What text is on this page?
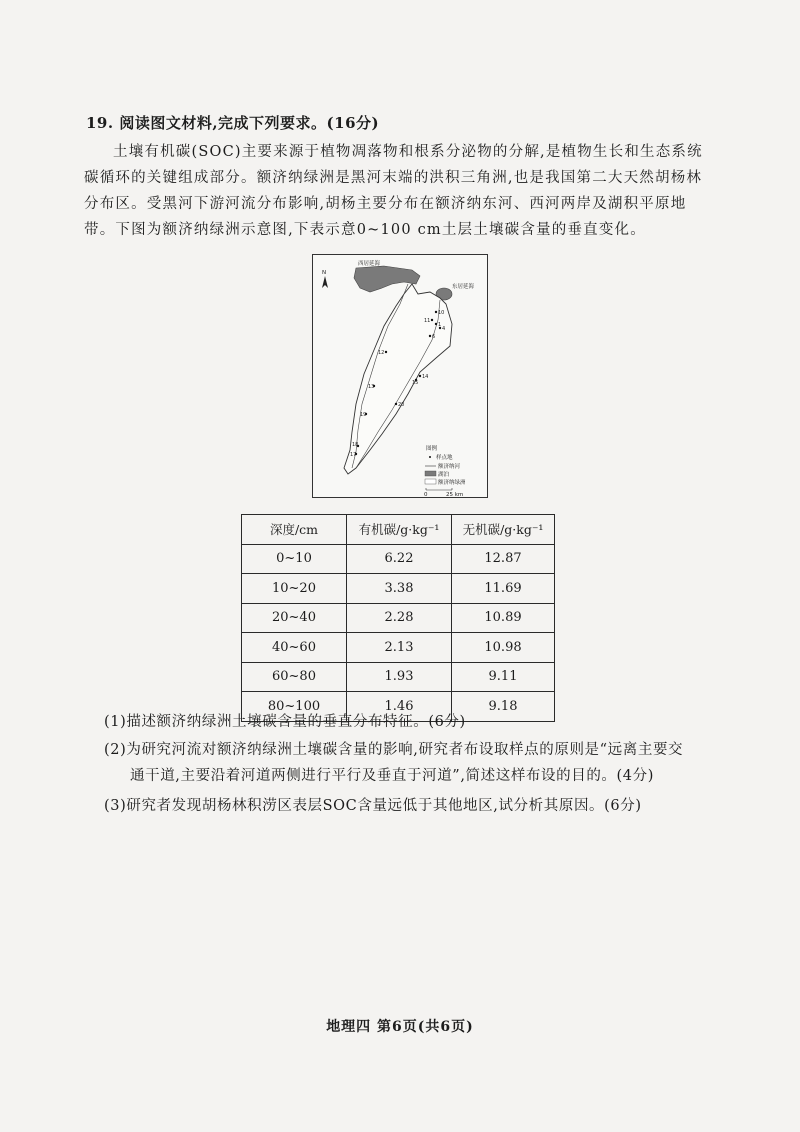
19. 阅读图文材料,完成下列要求。(16分)
土壤有机碳(SOC)主要来源于植物凋落物和根系分泌物的分解,是植物生长和生态系统碳循环的关键组成部分。额济纳绿洲是黑河末端的洪积三角洲,也是我国第二大天然胡杨林分布区。受黑河下游河流分布影响,胡杨主要分布在额济纳东河、西河两岸及湖积平原地带。下图为额济纳绿洲示意图,下表示意0~100 cm土层土壤碳含量的垂直变化。
N
西居延海
东居延海
10
11
1
4
6
12
15
14
13
20
19
18
17
图例
样点地
额济纳河
湖泊
额济纳绿洲
0	25 km
深度/cm	有机碳/g·kg⁻¹	无机碳/g·kg⁻¹
0~10	6.22	12.87
10~20	3.38	11.69
20~40	2.28	10.89
40~60	2.13	10.98
60~80	1.93	9.11
80~100	1.46	9.18
(1)描述额济纳绿洲土壤碳含量的垂直分布特征。(6分)
(2)为研究河流对额济纳绿洲土壤碳含量的影响,研究者布设取样点的原则是“远离主要交
通干道,主要沿着河道两侧进行平行及垂直于河道”,简述这样布设的目的。(4分)
(3)研究者发现胡杨林积涝区表层SOC含量远低于其他地区,试分析其原因。(6分)
地理四 第6页(共6页)
